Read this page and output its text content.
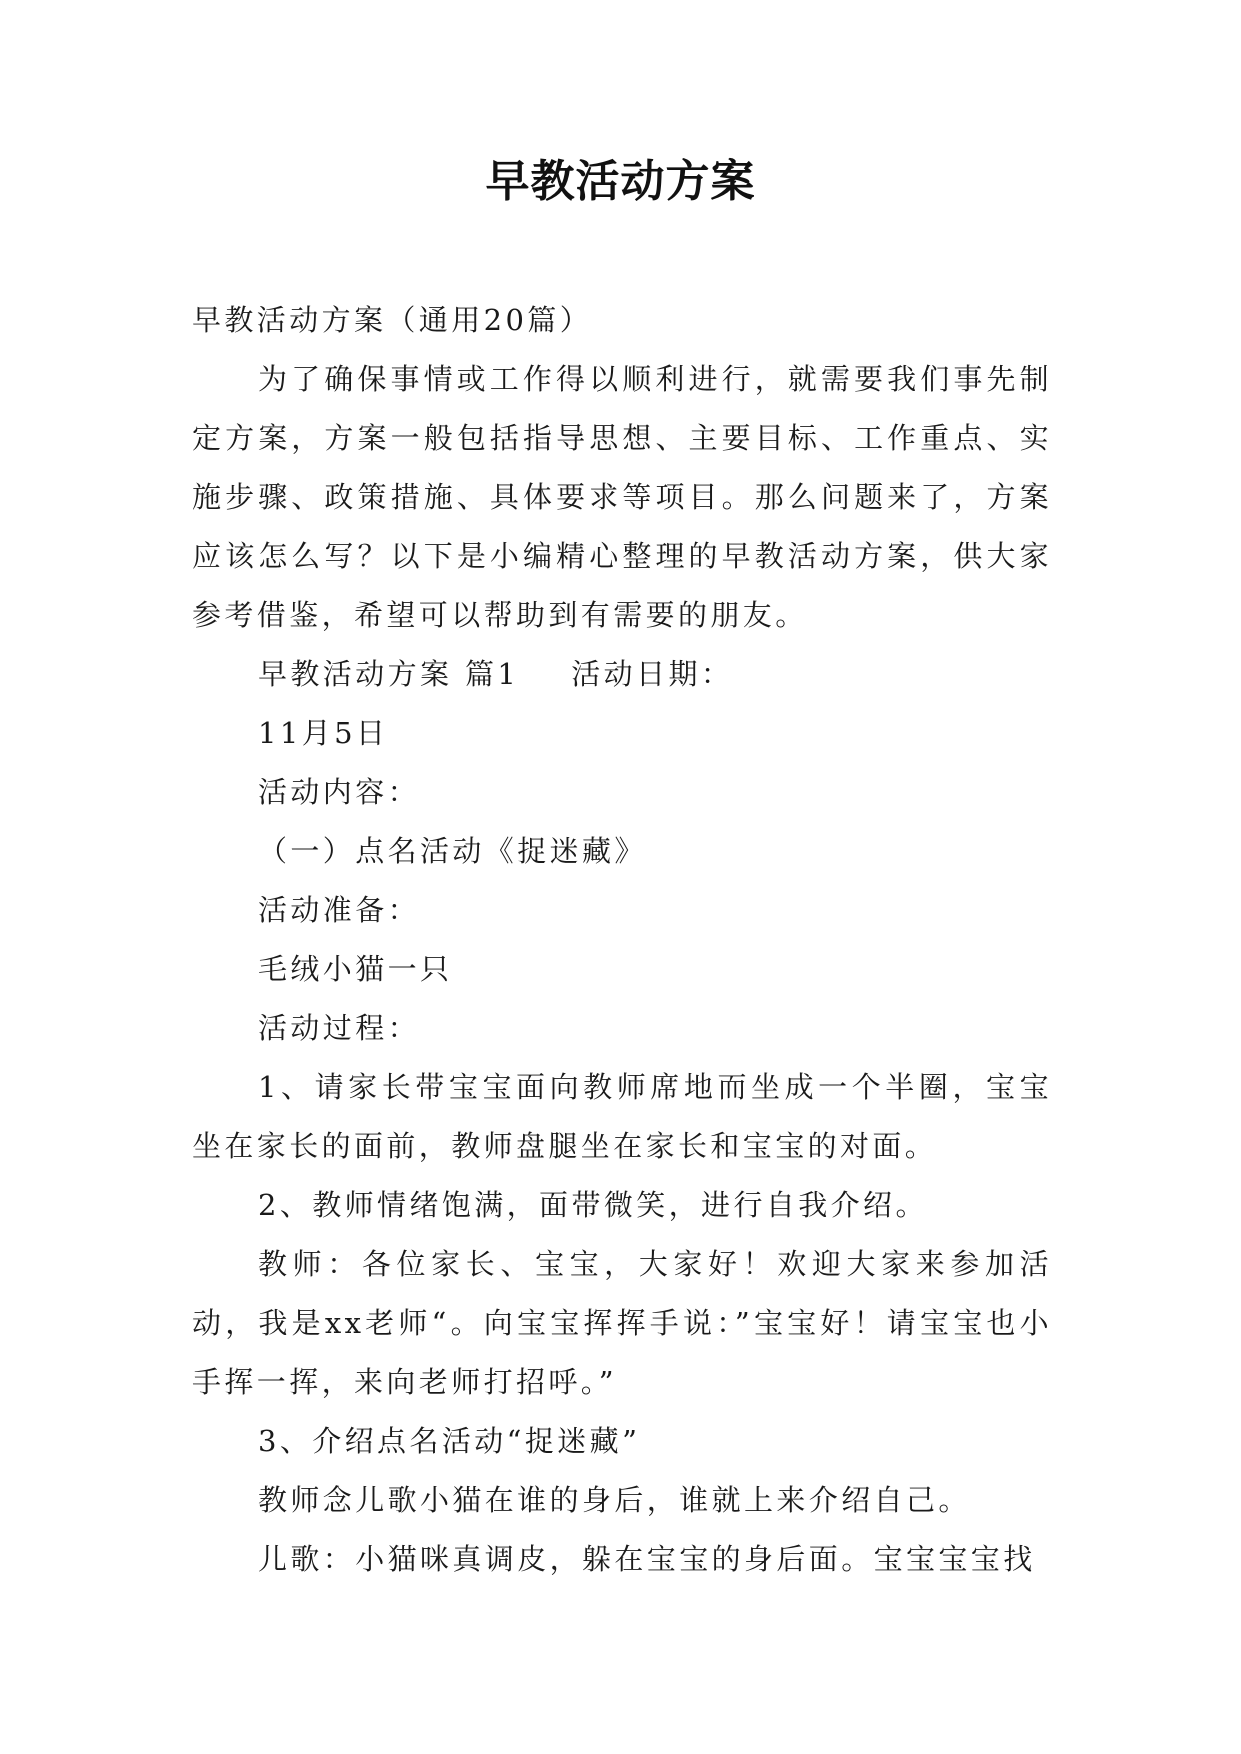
早教活动方案

早教活动方案（通用20篇）

为了确保事情或工作得以顺利进行，就需要我们事先制定方案，方案一般包括指导思想、主要目标、工作重点、实施步骤、政策措施、具体要求等项目。那么问题来了，方案应该怎么写？以下是小编精心整理的早教活动方案，供大家参考借鉴，希望可以帮助到有需要的朋友。

早教活动方案 篇1 活动日期：

11月5日

活动内容：

（一）点名活动《捉迷藏》

活动准备：

毛绒小猫一只

活动过程：

1、请家长带宝宝面向教师席地而坐成一个半圈，宝宝坐在家长的面前，教师盘腿坐在家长和宝宝的对面。

2、教师情绪饱满，面带微笑，进行自我介绍。

教师：各位家长、宝宝，大家好！欢迎大家来参加活动，我是xx老师“。向宝宝挥挥手说：”宝宝好！请宝宝也小手挥一挥，来向老师打招呼。”

3、介绍点名活动“捉迷藏”

教师念儿歌小猫在谁的身后，谁就上来介绍自己。

儿歌：小猫咪真调皮，躲在宝宝的身后面。宝宝宝宝找
